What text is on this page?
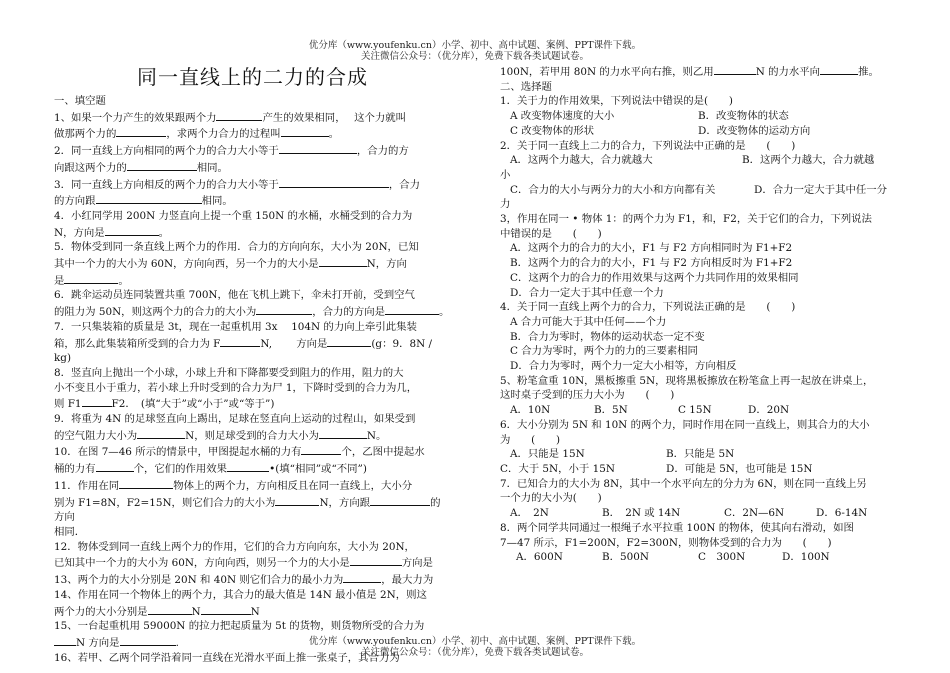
优分库（www.youfenku.cn）小学、初中、高中试题、案例、PPT课件下载。
关注微信公众号：（优分库），免费下载各类试题试卷。
同一直线上的二力的合成

一、填空题

1、如果一个力产生的效果跟两个力	产生的效果相同，　 这个力就叫

做那两个力的	，求两个力合力的过程叫	。

2．同一直线上方向相同的两个力的合力大小等于	，合力的方

向跟这两个力的	相同。

3．同一直线上方向相反的两个力的合力大小等于	，合力

的方向跟	相同。

4．小红同学用 200N 力竖直向上提一个重 150N 的水桶，水桶受到的合力为

N，方向是	。

5．物体受到同一条直线上两个力的作用．合力的方向向东，大小为 20N，已知

其中一个力的大小为 60N，方向向西，另一个力的大小是	N，方向

是	。

6．跳伞运动员连同装置共重 700N，他在飞机上跳下，伞未打开前，受到空气

的阻力为 50N，则这两个力的合力的大小为	，合力的方向是	。

7．一只集装箱的质量是 3t，现在一起重机用 3x　 104N 的力向上牵引此集装

箱，那么此集装箱所受到的合力为 F	N,　　 方向是	(g：9．8N /

kg)

8．竖直向上抛出一个小球，小球上升和下降都要受到阻力的作用，阻力的大

小不变且小于重力，若小球上升时受到的合力为尸 1，下降时受到的合力为几，

则 F1	F2．　(填“大于”或“小于”或“等于”)

9．将重为 4N 的足球竖直向上踢出，足球在竖直向上运动的过程山，如果受到

的空气阻力大小为	N，则足球受到的合力大小为	N。

10．在图 7—46 所示的情景中，甲图提起水桶的力有	个，乙图中提起水

桶的力有	个，它们的作用效果	•(填“相同”或“不同”)

11．作用在同	物体上的两个力，方向相反且在同一直线上，大小分

别为 F1=8N，F2=15N，则它们合力的大小为	N，方向跟	的方向

相同．

12．物体受到同一直线上两个力的作用，它们的合力方向向东，大小为 20N，

已知其中一个力的大小为 60N，方向向西，则另一个力的大小是	方向是

13、两个力的大小分别是 20N 和 40N 则它们合力的最小力为	，最大力为

14、作用在同一个物体上的两个力，其合力的最大值是 14N 最小值是 2N，则这

两个力的大小分别是	N	N

15、一台起重机用 59000N 的拉力把起质量为 5t 的货物，则货物所受的合力为

N 方向是	.

16、若甲、乙两个同学沿着同一直线在光滑水平面上推一张桌子，其合力为

100N，若甲用 80N 的力水平向右推，则乙用	N 的力水平向	推。

二、选择题

1．关于力的作用效果，下列说法中错误的是(　　)

A 改变物体速度的大小	B．改变物体的状态

C 改变物体的形状	D．改变物体的运动方向

2．关于同一直线上二力的合力，下列说法中正确的是　　(　　)

A．这两个力越大，合力就越大	B．这两个力越大，合力就越

小

C．合力的大小与两分力的大小和方向都有关	D．合力一定大于其中任一分

力

3，作用在同一 • 物体 1：的两个力为 F1，和，F2，关于它们的合力，下列说法

中错误的是　　(　　)

A．这两个力的合力的大小，F1 与 F2 方向相同时为 F1+F2

B．这两个力的合力的大小，F1 与 F2 方向相反时为 F1+F2

C．这两个力的合力的作用效果与这两个力共同作用的效果相同

D．合力一定大于其中任意一个力

4．关于同一直线上两个力的合力，下列说法正确的是　　(　　)

A 合力可能大于其中任何——个力

B．合力为零时，物体的运动状态一定不变

C 合力为零时，两个力的力的三要素相同

D．合力为零时，两个力一定大小相等，方向相反

5、粉笔盒重 10N，黑板擦重 5N，现将黑板擦放在粉笔盒上再一起放在讲桌上，

这时桌子受到的压力大小为　　(　　)

A．10N	B．5N	C 15N	D．20N

6．大小分别为 5N 和 10N 的两个力，同时作用在同一直线上，则其合力的大小

为　　(　　)

A．只能是 15N	B．只能是 5N

C．大于 5N，小于 15N	D．可能是 5N，也可能是 15N

7．已知合力的大小为 8N，其中一个水平向左的分力为 6N，则在同一直线上另

一个力的大小为(　　)

A．　2N	B．　2N 或 14N	C．2N—6N	D．6-14N

8．两个同学共同通过一根绳子水平拉重 100N 的物体，使其向右滑动，如图

7—47 所示，F1=200N，F2=300N，则物体受到的合力为　　(　　)

A．600N	B．500N	C　300N	D．100N

优分库（www.youfenku.cn）小学、初中、高中试题、案例、PPT课件下载。
关注微信公众号：（优分库），免费下载各类试题试卷。
